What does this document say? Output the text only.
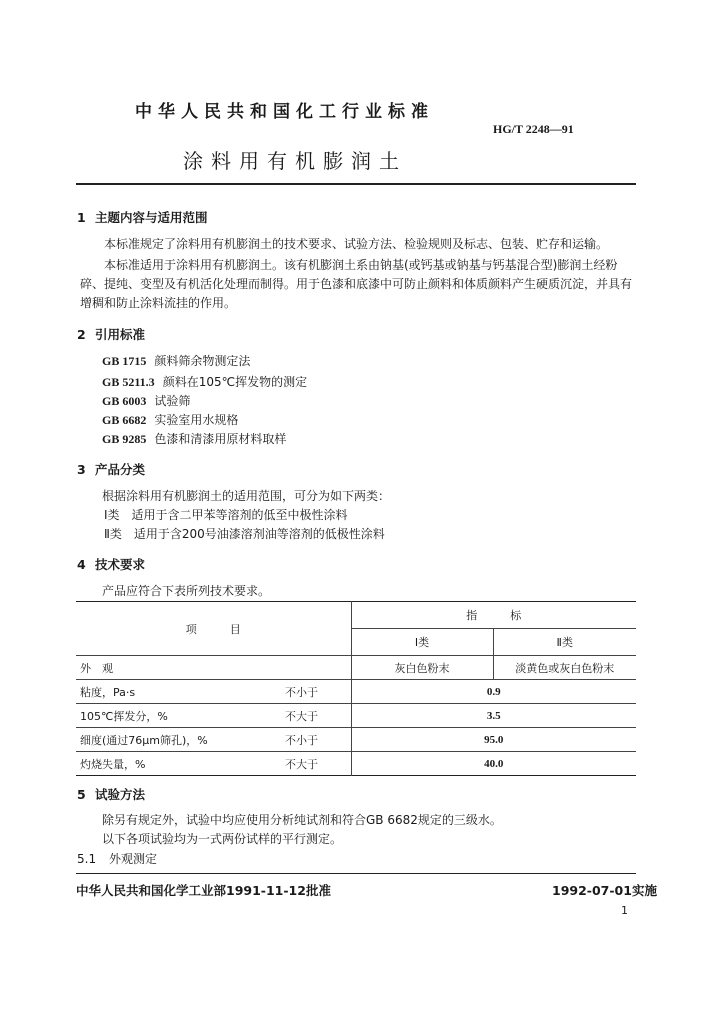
中华人民共和国化工行业标准
HG/T 2248—91
涂料用有机膨润土
1 主题内容与适用范围
本标准规定了涂料用有机膨润土的技术要求、试验方法、检验规则及标志、包装、贮存和运输。
本标准适用于涂料用有机膨润土。该有机膨润土系由钠基(或钙基或钠基与钙基混合型)膨润土经粉碎、提纯、变型及有机活化处理而制得。用于色漆和底漆中可防止颜料和体质颜料产生硬质沉淀，并具有增稠和防止涂料流挂的作用。
2 引用标准
GB 1715 颜料筛余物测定法
GB 5211.3 颜料在105℃挥发物的测定
GB 6003 试验筛
GB 6682 实验室用水规格
GB 9285 色漆和清漆用原材料取样
3 产品分类
根据涂料用有机膨润土的适用范围，可分为如下两类：
Ⅰ类　适用于含二甲苯等溶剂的低至中极性涂料
Ⅱ类　适用于含200号油漆溶剂油等溶剂的低极性涂料
4 技术要求
产品应符合下表所列技术要求。
项　　　目		指　　　标	
		Ⅰ类	Ⅱ类
外　观		灰白色粉末	淡黄色或灰白色粉末
粘度，Pa·s	不小于	0.9	
105℃挥发分，%	不大于	3.5	
细度(通过76μm筛孔)，%	不小于	95.0	
灼烧失量，%	不大于	40.0	
5 试验方法
除另有规定外，试验中均应使用分析纯试剂和符合GB 6682规定的三级水。
以下各项试验均为一式两份试样的平行测定。
5.1 外观测定
中华人民共和国化学工业部1991-11-12批准	1992-07-01实施
1
